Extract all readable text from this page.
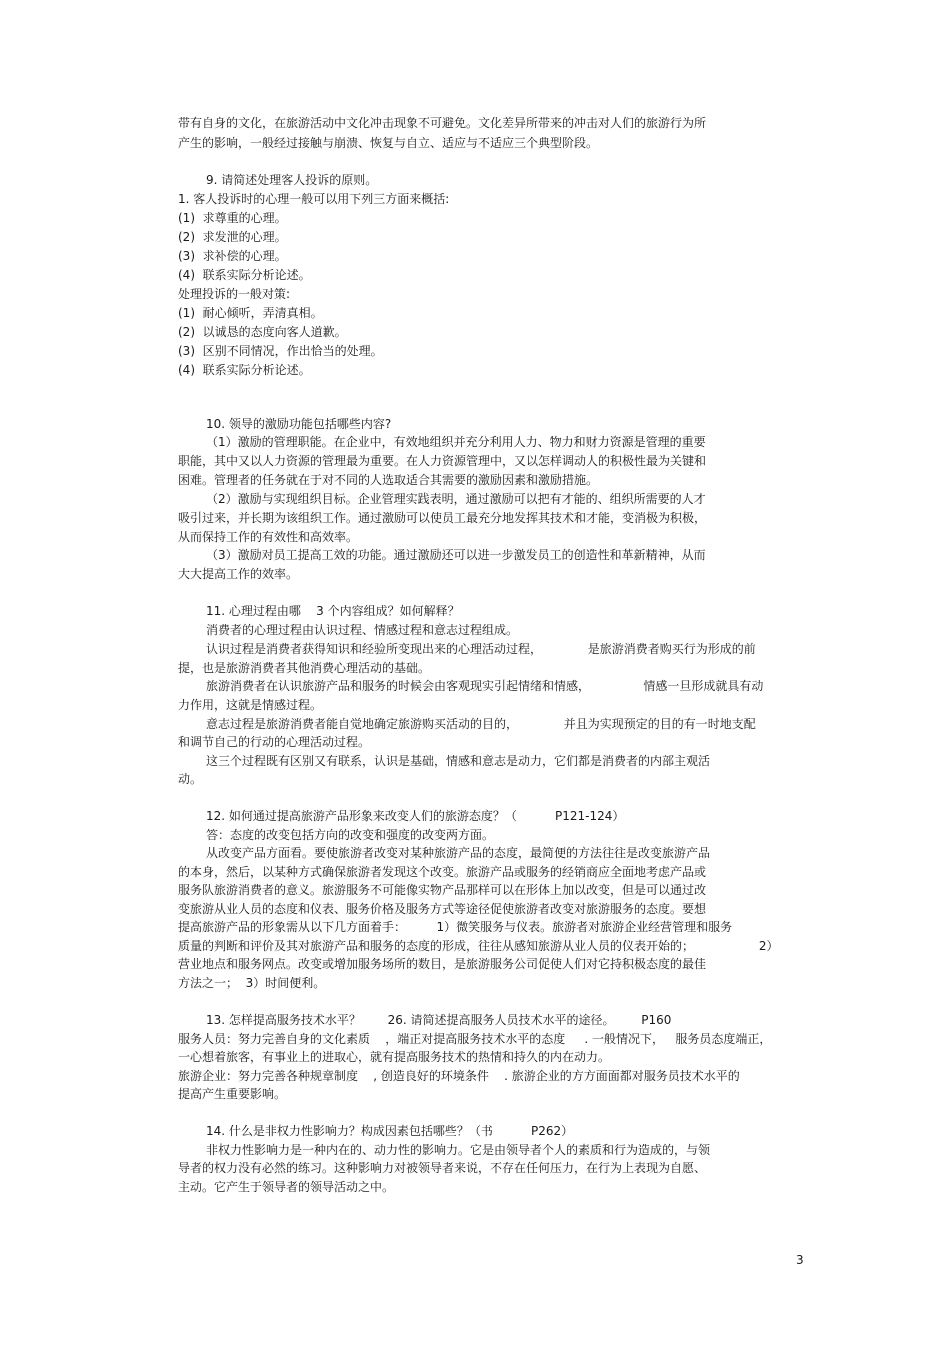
带有自身的文化，在旅游活动中文化冲击现象不可避免。文化差异所带来的冲击对人们的旅游行为所
产生的影响，一般经过接触与崩溃、恢复与自立、适应与不适应三个典型阶段。
9. 请简述处理客人投诉的原则。
1. 客人投诉时的心理一般可以用下列三方面来概括:
(1)  求尊重的心理。
(2)  求发泄的心理。
(3)  求补偿的心理。
(4)  联系实际分析论述。
处理投诉的一般对策:
(1)  耐心倾听，弄清真相。
(2)  以诚恳的态度向客人道歉。
(3)  区别不同情况，作出恰当的处理。
(4)  联系实际分析论述。
10. 领导的激励功能包括哪些内容?
（1）激励的管理职能。在企业中，有效地组织并充分利用人力、物力和财力资源是管理的重要
职能，其中又以人力资源的管理最为重要。在人力资源管理中，又以怎样调动人的积极性最为关键和
困难。管理者的任务就在于对不同的人选取适合其需要的激励因素和激励措施。
（2）激励与实现组织目标。企业管理实践表明，通过激励可以把有才能的、组织所需要的人才
吸引过来，并长期为该组织工作。通过激励可以使员工最充分地发挥其技术和才能，变消极为积极，
从而保持工作的有效性和高效率。
（3）激励对员工提高工效的功能。通过激励还可以进一步激发员工的创造性和革新精神，从而
大大提高工作的效率。
11. 心理过程由哪    3 个内容组成？如何解释？
消费者的心理过程由认识过程、情感过程和意志过程组成。
认识过程是消费者获得知识和经验所变现出来的心理活动过程，            是旅游消费者购买行为形成的前
提，也是旅游消费者其他消费心理活动的基础。
旅游消费者在认识旅游产品和服务的时候会由客观现实引起情绪和情感，              情感一旦形成就具有动
力作用，这就是情感过程。
意志过程是旅游消费者能自觉地确定旅游购买活动的目的，            并且为实现预定的目的有一时地支配
和调节自己的行动的心理活动过程。
这三个过程既有区别又有联系，认识是基础，情感和意志是动力，它们都是消费者的内部主观活
动。
12. 如何通过提高旅游产品形象来改变人们的旅游态度？（          P121-124）
答：态度的改变包括方向的改变和强度的改变两方面。
从改变产品方面看。要使旅游者改变对某种旅游产品的态度，最简便的方法往往是改变旅游产品
的本身，然后，以某种方式确保旅游者发现这个改变。旅游产品或服务的经销商应全面地考虑产品或
服务队旅游消费者的意义。旅游服务不可能像实物产品那样可以在形体上加以改变，但是可以通过改
变旅游从业人员的态度和仪表、服务价格及服务方式等途径促使旅游者改变对旅游服务的态度。要想
提高旅游产品的形象需从以下几方面着手：        1）微笑服务与仪表。旅游者对旅游企业经营管理和服务
质量的判断和评价及其对旅游产品和服务的态度的形成，往往从感知旅游从业人员的仪表开始的；                 2）
营业地点和服务网点。改变或增加服务场所的数目，是旅游服务公司促使人们对它持积极态度的最佳
方法之一；  3）时间便利。
13. 怎样提高服务技术水平？       26. 请简述提高服务人员技术水平的途径。       P160
服务人员：努力完善自身的文化素质    ，端正对提高服务技术水平的态度     . 一般情况下，   服务员态度端正，
一心想着旅客，有事业上的进取心，就有提高服务技术的热情和持久的内在动力。
旅游企业：努力完善各种规章制度    , 创造良好的环境条件    . 旅游企业的方方面面都对服务员技术水平的
提高产生重要影响。
14. 什么是非权力性影响力？构成因素包括哪些？（书          P262）
非权力性影响力是一种内在的、动力性的影响力。它是由领导者个人的素质和行为造成的，与领
导者的权力没有必然的练习。这种影响力对被领导者来说，不存在任何压力，在行为上表现为自愿、
主动。它产生于领导者的领导活动之中。
3
